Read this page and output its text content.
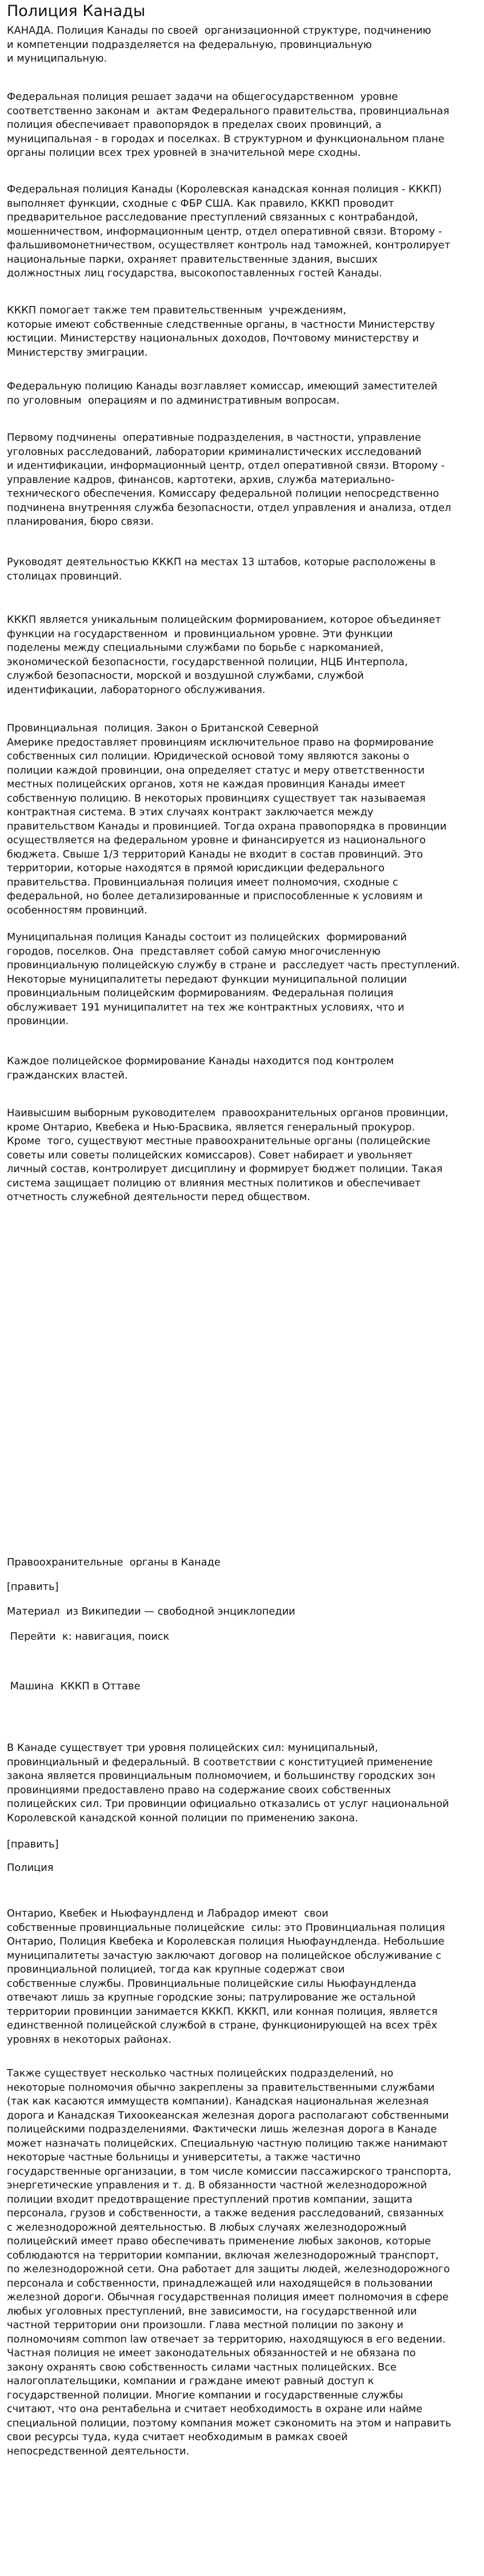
Полиция Канады

КАНАДА. Полиция Канады по своей  организационной структуре, подчинению
и компетенции подразделяется на федеральную, провинциальную
и муниципальную.

Федеральная полиция решает задачи на общегосударственном  уровне
соответственно законам и  актам Федерального правительства, провинциальная
полиция обеспечивает правопорядок в пределах своих провинций, а
муниципальная - в городах и поселках. В структурном и функциональном плане
органы полиции всех трех уровней в значительной мере сходны.

Федеральная полиция Канады (Королевская канадская конная полиция - КККП)
выполняет функции, сходные с ФБР США. Как правило, КККП проводит
предварительное расследование преступлений связанных с контрабандой,
мошенничеством, информационным центр, отдел оперативной связи. Второму -
фальшивомонетничеством, осуществляет контроль над таможней, контролирует
национальные парки, охраняет правительственные здания, высших
должностных лиц государства, высокопоставленных гостей Канады.

КККП помогает также тем правительственным  учреждениям,
которые имеют собственные следственные органы, в частности Министерству
юстиции. Министерству национальных доходов, Почтовому министерству и
Министерству эмиграции.

Федеральную полицию Канады возглавляет комиссар, имеющий заместителей
по уголовным  операциям и по административным вопросам.

Первому подчинены  оперативные подразделения, в частности, управление
уголовных расследований, лаборатории криминалистических исследований
и идентификации, информационный центр, отдел оперативной связи. Второму -
управление кадров, финансов, картотеки, архив, служба материально-
технического обеспечения. Комиссару федеральной полиции непосредственно
подчинена внутренняя служба безопасности, отдел управления и анализа, отдел
планирования, бюро связи.

Руководят деятельностью КККП на местах 13 штабов, которые расположены в
столицах провинций.

КККП является уникальным полицейским формированием, которое объединяет
функции на государственном  и провинциальном уровне. Эти функции
поделены между специальными службами по борьбе с наркоманией,
экономической безопасности, государственной полиции, НЦБ Интерпола,
службой безопасности, морской и воздушной службами, службой
идентификации, лабораторного обслуживания.

Провинциальная  полиция. Закон о Британской Северной
Америке предоставляет провинциям исключительное право на формирование
собственных сил полиции. Юридической основой тому являются законы о
полиции каждой провинции, она определяет статус и меру ответственности
местных полицейских органов, хотя не каждая провинция Канады имеет
собственную полицию. В некоторых провинциях существует так называемая
контрактная система. В этих случаях контракт заключается между
правительством Канады и провинцией. Тогда охрана правопорядка в провинции
осуществляется на федеральном уровне и финансируется из национального
бюджета. Свыше 1/3 территорий Канады не входит в состав провинций. Это
территории, которые находятся в прямой юрисдикции федерального
правительства. Провинциальная полиция имеет полномочия, сходные с
федеральной, но более детализированные и приспособленные к условиям и
особенностям провинций.

Муниципальная полиция Канады состоит из полицейских  формирований
городов, поселков. Она  представляет собой самую многочисленную
провинциальную полицейскую службу в стране и  расследует часть преступлений.
Некоторые муниципалитеты передают функции муниципальной полиции
провинциальным полицейским формированиям. Федеральная полиция
обслуживает 191 муниципалитет на тех же контрактных условиях, что и
провинции.

Каждое полицейское формирование Канады находится под контролем
гражданских властей.

Наивысшим выборным руководителем  правоохранительных органов провинции,
кроме Онтарио, Квебека и Нью-Брасвика, является генеральный прокурор.
Кроме  того, существуют местные правоохранительные органы (полицейские
советы или советы полицейских комиссаров). Совет набирает и увольняет
личный состав, контролирует дисциплину и формирует бюджет полиции. Такая
система защищает полицию от влияния местных политиков и обеспечивает
отчетность служебной деятельности перед обществом.

Правоохранительные  органы в Канаде

[править]

Материал  из Википедии — свободной энциклопедии

Перейти  к: навигация, поиск

Машина  КККП в Оттаве

В Канаде существует три уровня полицейских сил: муниципальный,
провинциальный и федеральный. В соответствии с конституцией применение
закона является провинциальным полномочием, и большинству городских зон
провинциями предоставлено право на содержание своих собственных
полицейских сил. Три провинции официально отказались от услуг национальной
Королевской канадской конной полиции по применению закона.

[править]

Полиция

Онтарио, Квебек и Ньюфаундленд и Лабрадор имеют  свои
собственные провинциальные полицейские  силы: это Провинциальная полиция
Онтарио, Полиция Квебека и Королевская полиция Ньюфаундленда. Небольшие
муниципалитеты зачастую заключают договор на полицейское обслуживание с
провинциальной полицией, тогда как крупные содержат свои
собственные службы. Провинциальные полицейские силы Ньюфаундленда
отвечают лишь за крупные городские зоны; патрулирование же остальной
территории провинции занимается КККП. КККП, или конная полиция, является
единственной полицейской службой в стране, функционирующей на всех трёх
уровнях в некоторых районах.

Также существует несколько частных полицейских подразделений, но
некоторые полномочия обычно закреплены за правительственными службами
(так как касаются иммуществ компании). Канадская национальная железная
дорога и Канадская Тихоокеанская железная дорога располагают собственными
полицейскими подразделениями. Фактически лишь железная дорога в Канаде
может назначать полицейских. Специальную частную полицию также нанимают
некоторые частные больницы и университеты, а также частично
государственные организации, в том числе комиссии пассажирского транспорта,
энергетические управления и т. д. В обязанности частной железнодорожной
полиции входит предотвращение преступлений против компании, защита
персонала, грузов и собственности, а также ведения расследований, связанных
с железнодорожной деятельностью. В любых случаях железнодорожный
полицейский имеет право обеспечивать применение любых законов, которые
соблюдаются на территории компании, включая железнодорожный транспорт,
по железнодорожной сети. Она работает для защиты людей, железнодорожного
персонала и собственности, принадлежащей или находящейся в пользовании
железной дороги. Обычная государственная полиция имеет полномочия в сфере
любых уголовных преступлений, вне зависимости, на государственной или
частной территории они произошли. Глава местной полиции по закону и
полномочиям common law отвечает за территорию, находящуюся в его ведении.
Частная полиция не имеет законодательных обязанностей и не обязана по
закону охранять свою собственность силами частных полицейских. Все
налогоплательщики, компании и граждане имеют равный доступ к
государственной полиции. Многие компании и государственные службы
считают, что она рентабельна и считает необходимость в охране или найме
специальной полиции, поэтому компания может сэкономить на этом и направить
свои ресурсы туда, куда считает необходимым в рамках своей
непосредственной деятельности.
